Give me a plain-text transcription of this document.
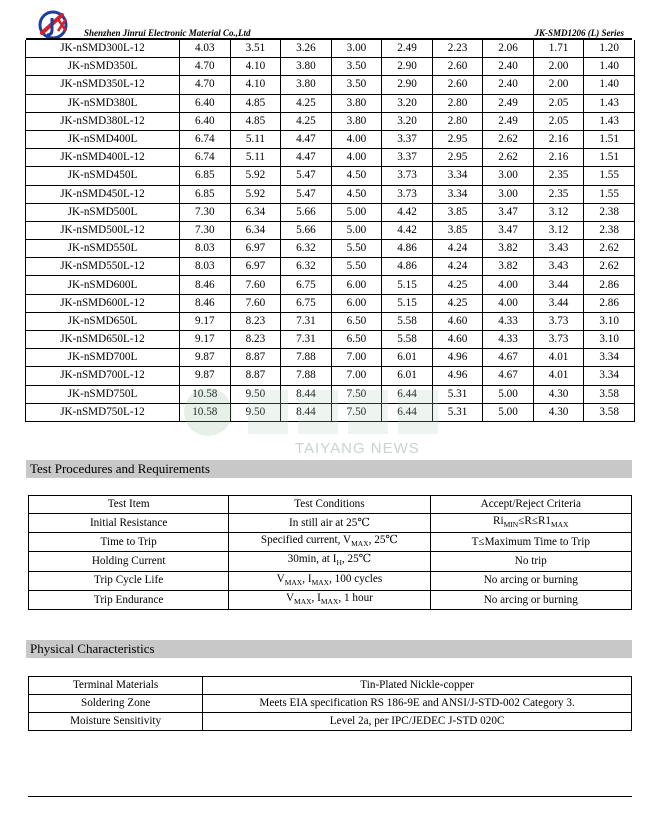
Shenzhen Jinrui Electronic Material Co.,Ltd	JK-SMD1206 (L) Series
JK-nSMD300L-12	4.03	3.51	3.26	3.00	2.49	2.23	2.06	1.71	1.20
JK-nSMD350L	4.70	4.10	3.80	3.50	2.90	2.60	2.40	2.00	1.40
JK-nSMD350L-12	4.70	4.10	3.80	3.50	2.90	2.60	2.40	2.00	1.40
JK-nSMD380L	6.40	4.85	4.25	3.80	3.20	2.80	2.49	2.05	1.43
JK-nSMD380L-12	6.40	4.85	4.25	3.80	3.20	2.80	2.49	2.05	1.43
JK-nSMD400L	6.74	5.11	4.47	4.00	3.37	2.95	2.62	2.16	1.51
JK-nSMD400L-12	6.74	5.11	4.47	4.00	3.37	2.95	2.62	2.16	1.51
JK-nSMD450L	6.85	5.92	5.47	4.50	3.73	3.34	3.00	2.35	1.55
JK-nSMD450L-12	6.85	5.92	5.47	4.50	3.73	3.34	3.00	2.35	1.55
JK-nSMD500L	7.30	6.34	5.66	5.00	4.42	3.85	3.47	3.12	2.38
JK-nSMD500L-12	7.30	6.34	5.66	5.00	4.42	3.85	3.47	3.12	2.38
JK-nSMD550L	8.03	6.97	6.32	5.50	4.86	4.24	3.82	3.43	2.62
JK-nSMD550L-12	8.03	6.97	6.32	5.50	4.86	4.24	3.82	3.43	2.62
JK-nSMD600L	8.46	7.60	6.75	6.00	5.15	4.25	4.00	3.44	2.86
JK-nSMD600L-12	8.46	7.60	6.75	6.00	5.15	4.25	4.00	3.44	2.86
JK-nSMD650L	9.17	8.23	7.31	6.50	5.58	4.60	4.33	3.73	3.10
JK-nSMD650L-12	9.17	8.23	7.31	6.50	5.58	4.60	4.33	3.73	3.10
JK-nSMD700L	9.87	8.87	7.88	7.00	6.01	4.96	4.67	4.01	3.34
JK-nSMD700L-12	9.87	8.87	7.88	7.00	6.01	4.96	4.67	4.01	3.34
JK-nSMD750L	10.58	9.50	8.44	7.50	6.44	5.31	5.00	4.30	3.58
JK-nSMD750L-12	10.58	9.50	8.44	7.50	6.44	5.31	5.00	4.30	3.58
TAIYANG NEWS
Test Procedures and Requirements
Test Item	Test Conditions	Accept/Reject Criteria
Initial Resistance	In still air at 25℃	$Ri_{MIN}\le R\le R1_{MAX}$
Time to Trip	Specified current, $V_{MAX}$, 25℃	T≤Maximum Time to Trip
Holding Current	30min, at $I_H$, 25℃	No trip
Trip Cycle Life	$V_{MAX}$, $I_{MAX}$, 100 cycles	No arcing or burning
Trip Endurance	$V_{MAX}$, $I_{MAX}$, 1 hour	No arcing or burning
Physical Characteristics
Terminal Materials	Tin-Plated Nickle-copper
Soldering Zone	Meets EIA specification RS 186-9E and ANSI/J-STD-002 Category 3.
Moisture Sensitivity	Level 2a, per IPC/JEDEC J-STD 020C
